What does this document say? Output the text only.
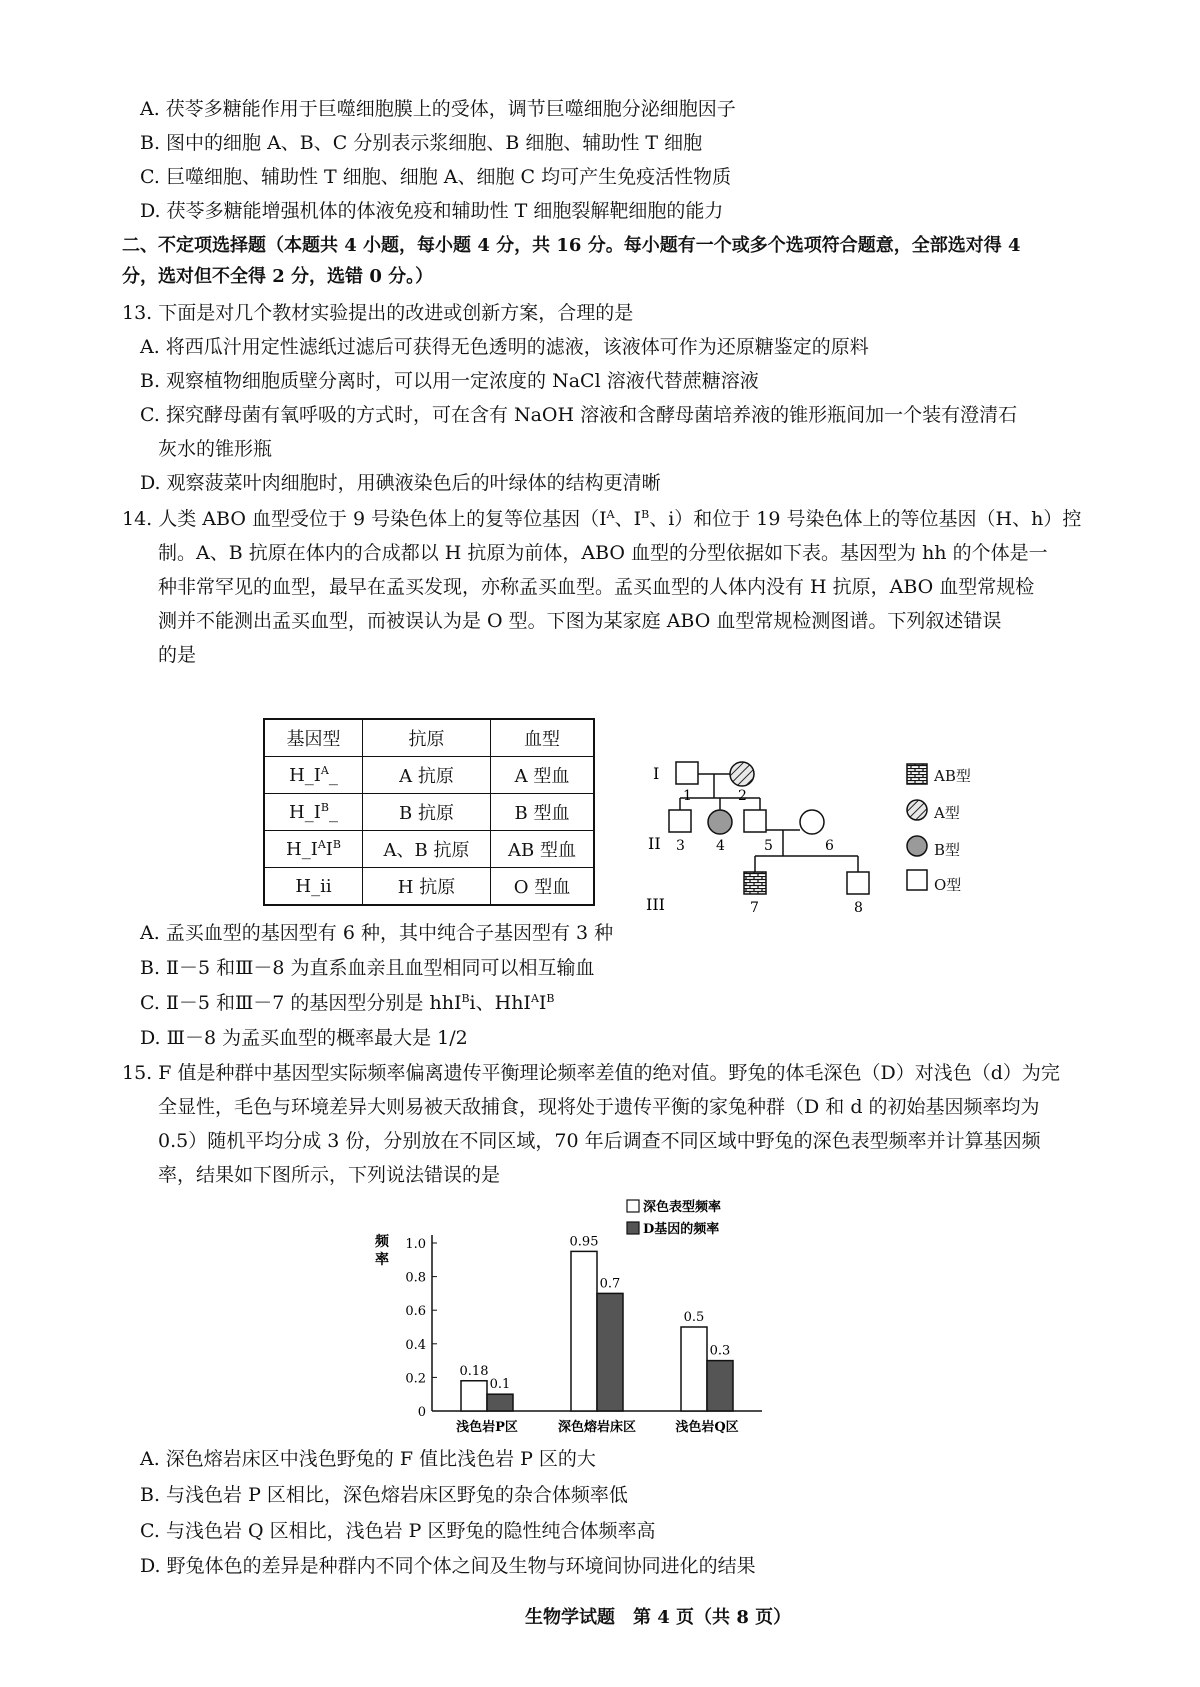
A. 茯苓多糖能作用于巨噬细胞膜上的受体，调节巨噬细胞分泌细胞因子
B. 图中的细胞 A、B、C 分别表示浆细胞、B 细胞、辅助性 T 细胞
C. 巨噬细胞、辅助性 T 细胞、细胞 A、细胞 C 均可产生免疫活性物质
D. 茯苓多糖能增强机体的体液免疫和辅助性 T 细胞裂解靶细胞的能力
二、不定项选择题（本题共 4 小题，每小题 4 分，共 16 分。每小题有一个或多个选项符合题意，全部选对得 4
分，选对但不全得 2 分，选错 0 分。）
13. 下面是对几个教材实验提出的改进或创新方案，合理的是
A. 将西瓜汁用定性滤纸过滤后可获得无色透明的滤液，该液体可作为还原糖鉴定的原料
B. 观察植物细胞质壁分离时，可以用一定浓度的 NaCl 溶液代替蔗糖溶液
C. 探究酵母菌有氧呼吸的方式时，可在含有 NaOH 溶液和含酵母菌培养液的锥形瓶间加一个装有澄清石
灰水的锥形瓶
D. 观察菠菜叶肉细胞时，用碘液染色后的叶绿体的结构更清晰
14. 人类 ABO 血型受位于 9 号染色体上的复等位基因（$I^A$、$I^B$、i）和位于 19 号染色体上的等位基因（H、h）控
制。A、B 抗原在体内的合成都以 H 抗原为前体，ABO 血型的分型依据如下表。基因型为 hh 的个体是一
种非常罕见的血型，最早在孟买发现，亦称孟买血型。孟买血型的人体内没有 H 抗原，ABO 血型常规检
测并不能测出孟买血型，而被误认为是 O 型。下图为某家庭 ABO 血型常规检测图谱。下列叙述错误
的是
基因型	抗原	血型
$H\_I^A\_$	A 抗原	A 型血
$H\_I^B\_$	B 抗原	B 型血
$H\_I^AI^B$	A、B 抗原	AB 型血
H_ii	H 抗原	O 型血
I
II
III
1	2
3 4	5	6
7	8
AB型
A型
B型
O型
A. 孟买血型的基因型有 6 种，其中纯合子基因型有 3 种
B. Ⅱ－5 和Ⅲ－8 为直系血亲且血型相同可以相互输血
C. Ⅱ－5 和Ⅲ－7 的基因型分别是 hhI$^B$i、$HhI^AI^B$
D. Ⅲ－8 为孟买血型的概率最大是 1/2
15. F 值是种群中基因型实际频率偏离遗传平衡理论频率差值的绝对值。野兔的体毛深色（D）对浅色（d）为完
全显性，毛色与环境差异大则易被天敌捕食，现将处于遗传平衡的家兔种群（D 和 d 的初始基因频率均为
0.5）随机平均分成 3 份，分别放在不同区域，70 年后调查不同区域中野兔的深色表型频率并计算基因频
率，结果如下图所示，下列说法错误的是
0
0.2
0.4
0.6
0.8
1.0
频
率
0.18
0.1
浅色岩P区
0.95
0.7
深色熔岩床区
0.5
0.3
浅色岩Q区
深色表型频率
D基因的频率
A. 深色熔岩床区中浅色野兔的 F 值比浅色岩 P 区的大
B. 与浅色岩 P 区相比，深色熔岩床区野兔的杂合体频率低
C. 与浅色岩 Q 区相比，浅色岩 P 区野兔的隐性纯合体频率高
D. 野兔体色的差异是种群内不同个体之间及生物与环境间协同进化的结果
生物学试题　第 4 页（共 8 页）
